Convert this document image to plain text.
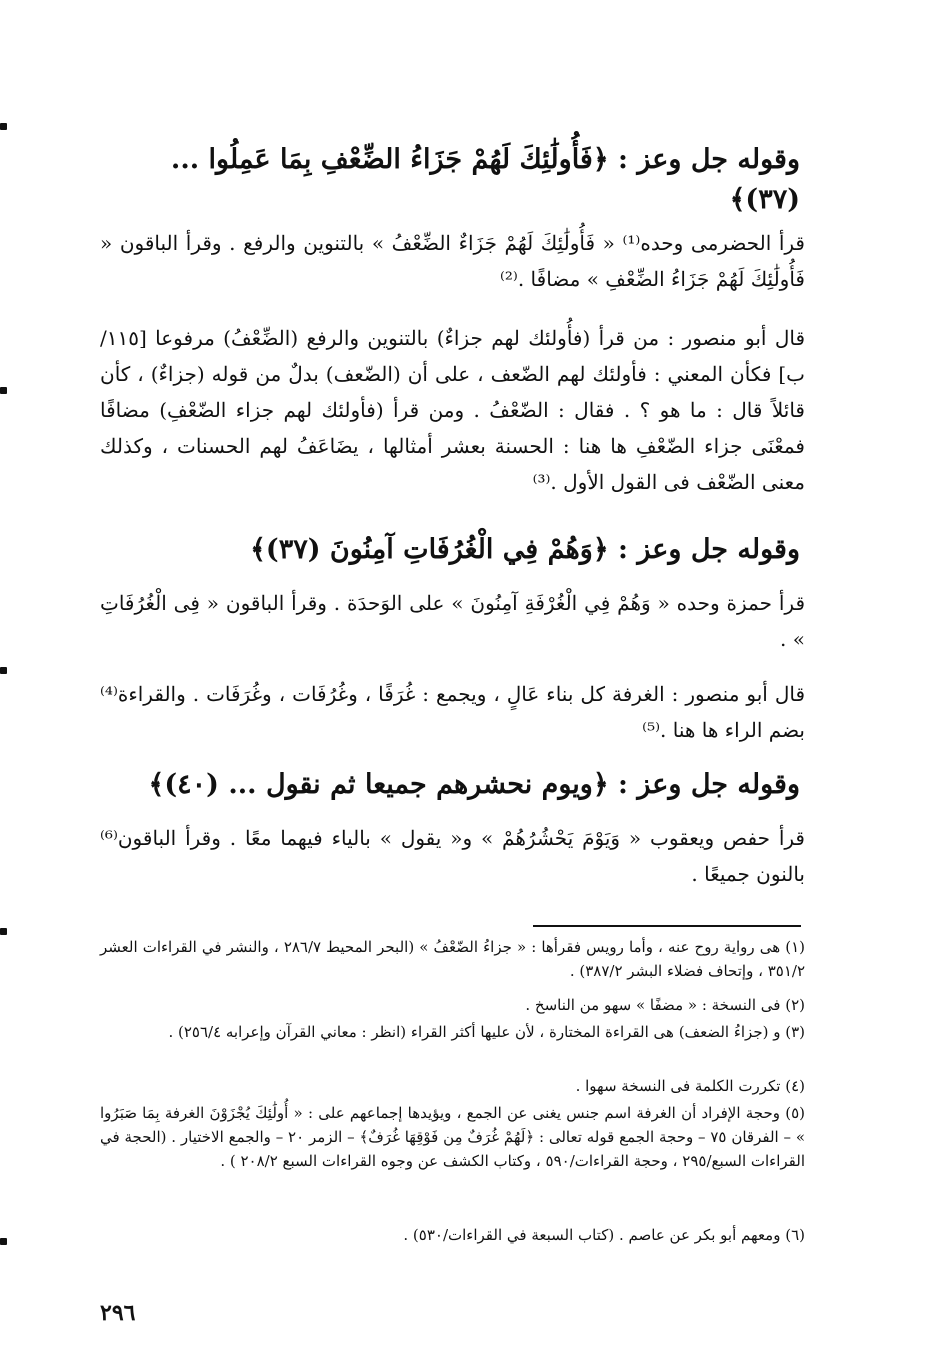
وقوله جل وعز : ﴿فَأُولَٰئِكَ لَهُمْ جَزَاءُ الضِّعْفِ بِمَا عَمِلُوا ... (٣٧)﴾
قرأ الحضرمى وحده⁽¹⁾ « فَأُولَٰئِكَ لَهُمْ جَزَاءٌ الضِّعْفُ » بالتنوين والرفع . وقرأ الباقون « فَأُولَٰئِكَ لَهُمْ جَزَاءُ الضِّعْفِ » مضافًا .⁽²⁾
قال أبو منصور : من قرأ (فأُولئك لهم جزاءٌ) بالتنوين والرفع (الضِّعْفُ) مرفوعا [١١٥/ب] فكأن المعني : فأولئك لهم الضّعف ، على أن (الضّعف) بدلٌ من قوله (جزاءٌ) ، كأن قائلاً قال : ما هو ؟ . فقال : الضّعْفُ . ومن قرأ (فأولئك لهم جزاء الضّعْفِ) مضافًا فمعْنَى جزاء الضّعْفِ ها هنا : الحسنة بعشر أمثالها ، يضَاعَفُ لهم الحسنات ، وكذلك معنى الضّعْف فى القول الأول .⁽³⁾
وقوله جل وعز : ﴿وَهُمْ فِي الْغُرُفَاتِ آمِنُونَ (٣٧)﴾
قرأ حمزة وحده « وَهُمْ فِي الْغُرْفَةِ آمِنُونَ » على الوَحدَة . وقرأ الباقون « فِى الْغُرُفَاتِ » .
قال أبو منصور : الغرفة كل بناء عَالٍ ، ويجمع : غُرَفًا ، وغُرُفَات ، وغُرَفَات . والقراءة⁽⁴⁾ بضم الراء ها هنا .⁽⁵⁾
وقوله جل وعز : ﴿ويوم نحشرهم جميعا ثم نقول ... (٤٠)﴾
قرأ حفص ويعقوب « وَيَوْمَ يَحْشُرُهُمْ » و« يقول » بالياء فيهما معًا . وقرأ الباقون⁽⁶⁾ بالنون جميعًا .
(١) هى رواية روح عنه ، وأما رويس فقرأها : « جزاءُ الضّعْفُ » (البحر المحيط ٢٨٦/٧ ، والنشر في القراءات العشر ٣٥١/٢ ، وإتحاف فضلاء البشر ٣٨٧/٢) .
(٢) فى النسخة : « مضفًا » سهو من الناسخ .
(٣) و (جزاءُ الضعف) هى القراءة المختارة ، لأن عليها أكثر القراء (انظر : معاني القرآن وإعرابه ٢٥٦/٤) .
(٤) تكررت الكلمة فى النسخة سهوا .
(٥) وحجة الإفراد أن الغرفة اسم جنس يغنى عن الجمع ، ويؤيدها إجماعهم على : « أُولَٰئِكَ يُجْزَوْنَ الغرفة بِمَا صَبَرُوا » – الفرقان ٧٥ – وحجة الجمع قوله تعالى : ﴿لَهُمْ غُرَفٌ مِن فَوْقِهَا غُرَفٌ﴾ – الزمر ٢٠ – والجمع الاختيار . (الحجة في القراءات السبع/٢٩٥ ، وحجة القراءات/٥٩٠ ، وكتاب الكشف عن وجوه القراءات السبع ٢٠٨/٢ ) .
(٦) ومعهم أبو بكر عن عاصم . (كتاب السبعة في القراءات/٥٣٠) .
٢٩٦
